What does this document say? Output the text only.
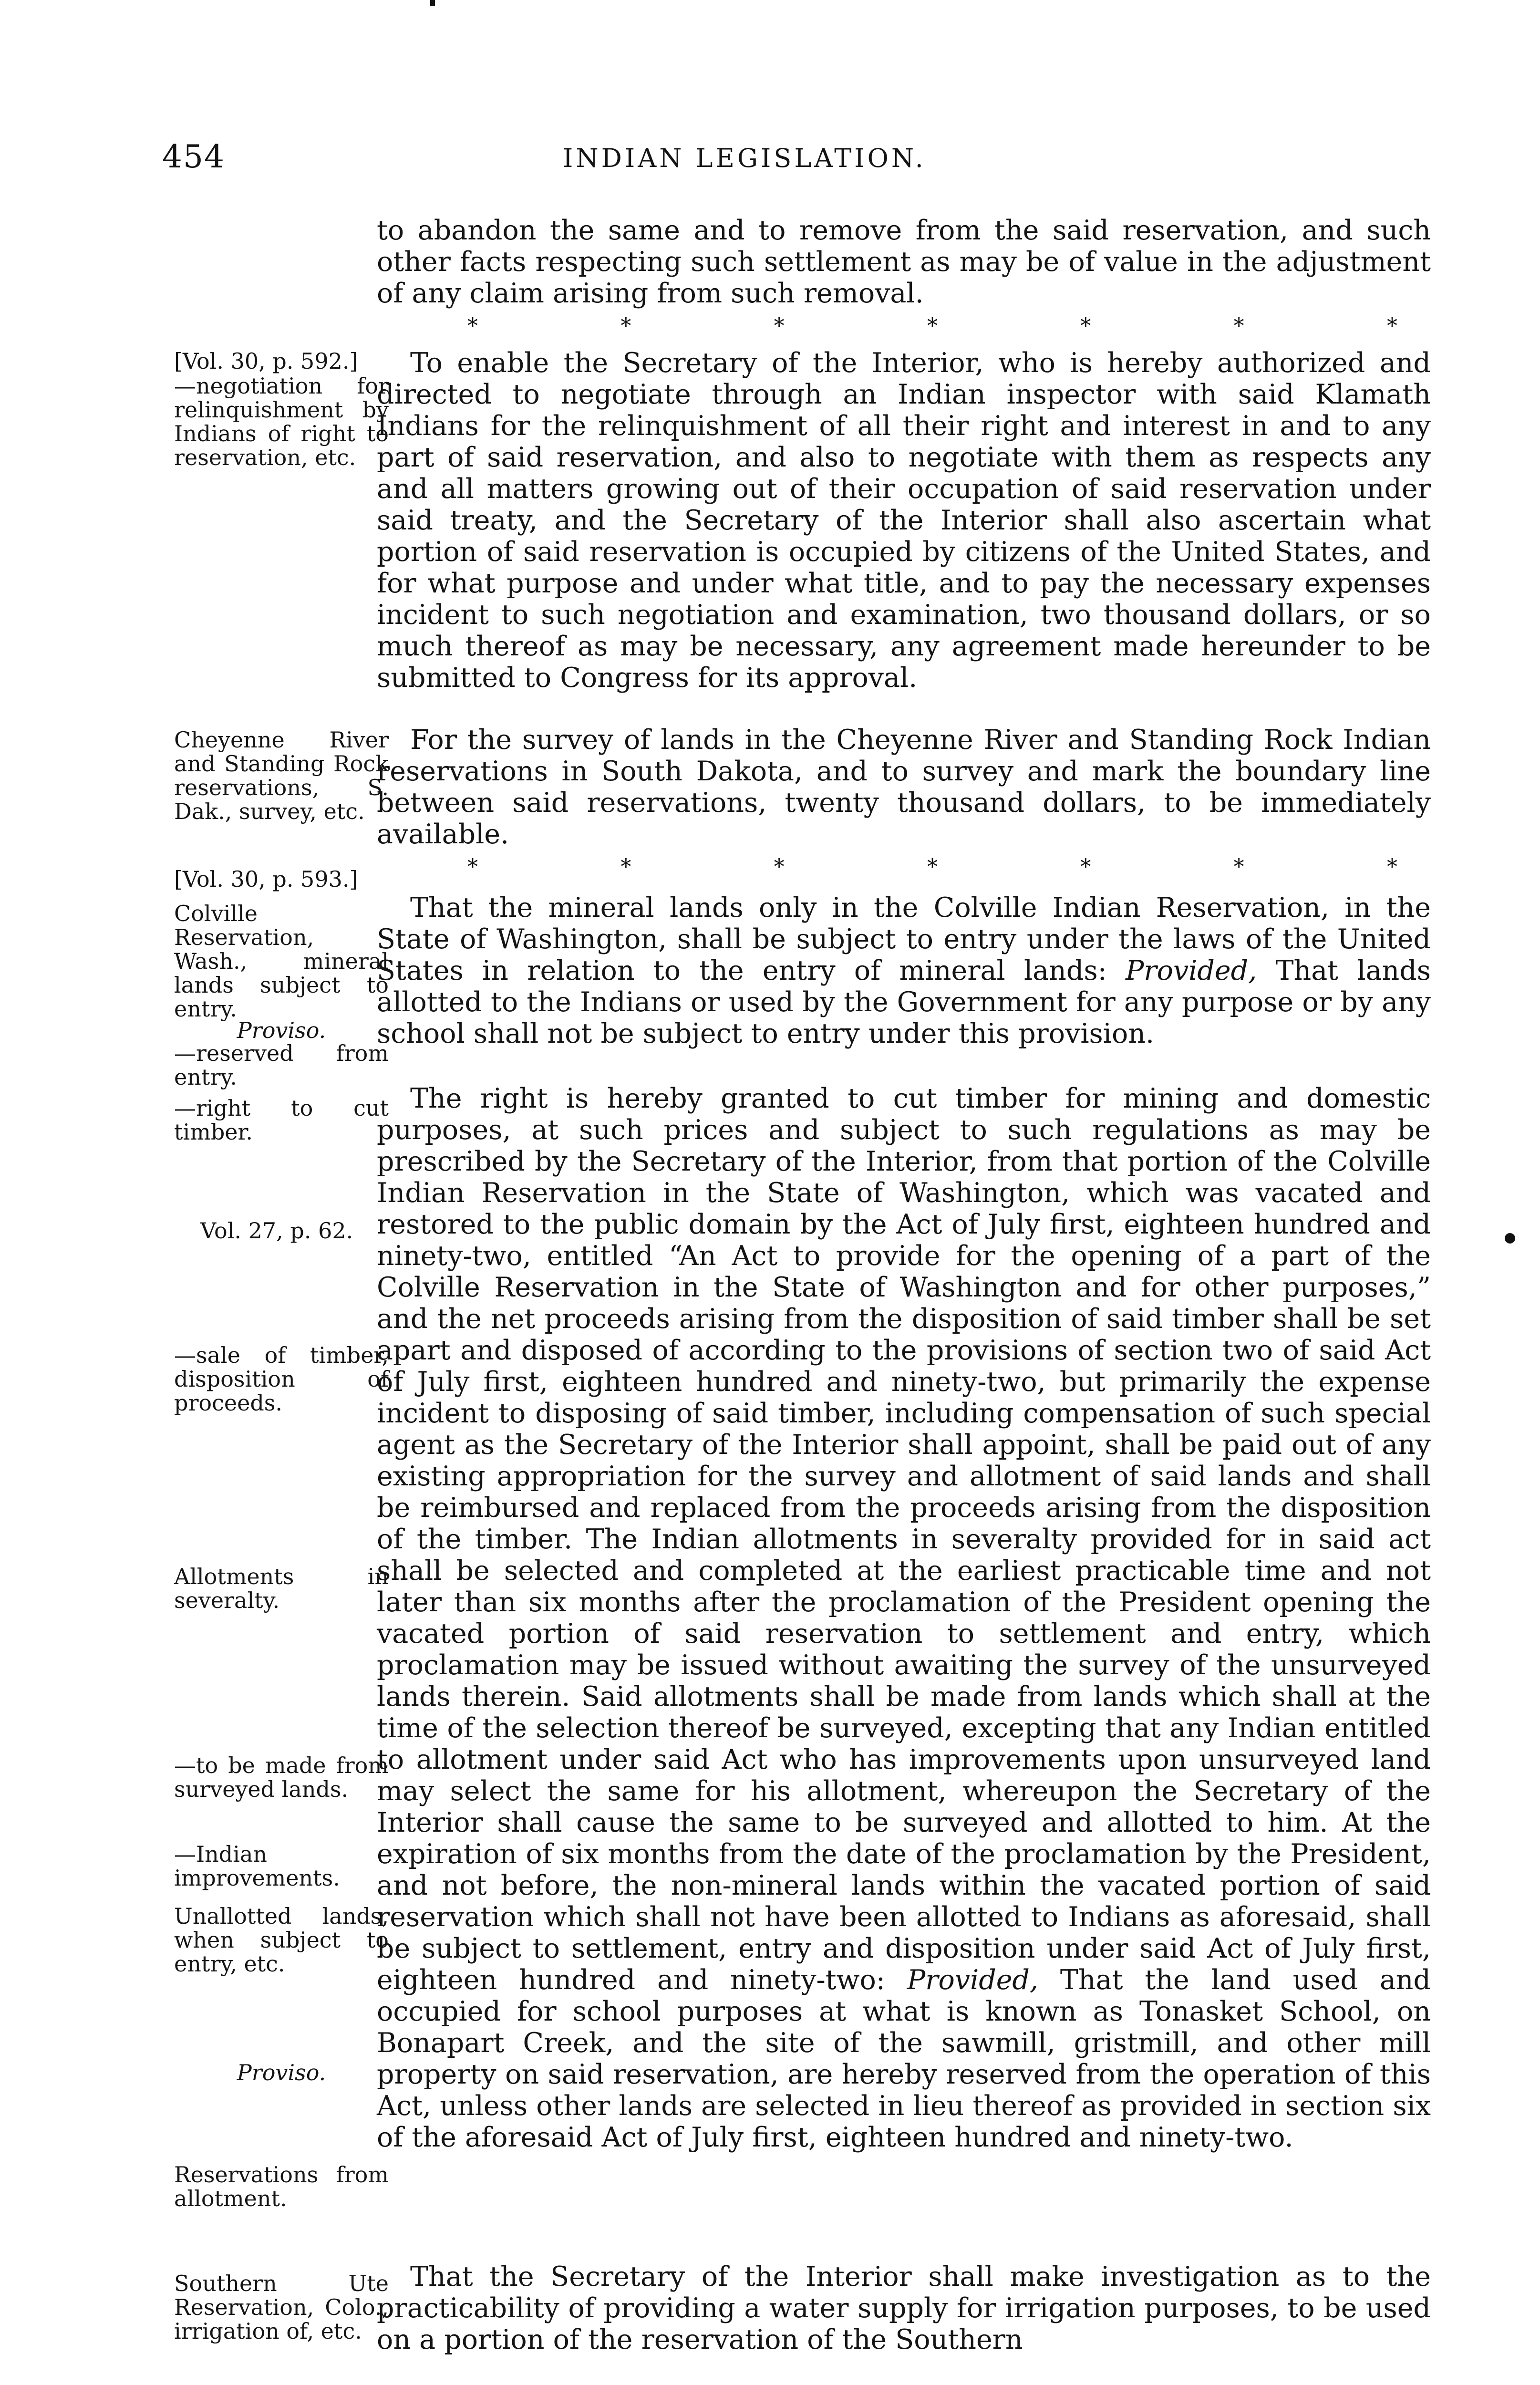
454	INDIAN LEGISLATION.

to abandon the same and to remove from the said reservation, and such other facts respecting such settlement as may be of value in the adjustment of any claim arising from such removal.

*	*	*	*	*	*	*

To enable the Secretary of the Interior, who is hereby authorized and directed to negotiate through an Indian inspector with said Klamath Indians for the relinquishment of all their right and interest in and to any part of said reservation, and also to negotiate with them as respects any and all matters growing out of their occupation of said reservation under said treaty, and the Secretary of the Interior shall also ascertain what portion of said reservation is occupied by citizens of the United States, and for what purpose and under what title, and to pay the necessary expenses incident to such negotiation and examination, two thousand dollars, or so much thereof as may be necessary, any agreement made hereunder to be submitted to Congress for its approval.

For the survey of lands in the Cheyenne River and Standing Rock Indian reservations in South Dakota, and to survey and mark the boundary line between said reservations, twenty thousand dollars, to be immediately available.

*	*	*	*	*	*	*

That the mineral lands only in the Colville Indian Reservation, in the State of Washington, shall be subject to entry under the laws of the United States in relation to the entry of mineral lands: Provided, That lands allotted to the Indians or used by the Government for any purpose or by any school shall not be subject to entry under this provision.

The right is hereby granted to cut timber for mining and domestic purposes, at such prices and subject to such regulations as may be prescribed by the Secretary of the Interior, from that portion of the Colville Indian Reservation in the State of Washington, which was vacated and restored to the public domain by the Act of July first, eighteen hundred and ninety-two, entitled “An Act to provide for the opening of a part of the Colville Reservation in the State of Washington and for other purposes,” and the net proceeds arising from the disposition of said timber shall be set apart and disposed of according to the provisions of section two of said Act of July first, eighteen hundred and ninety-two, but primarily the expense incident to disposing of said timber, including compensation of such special agent as the Secretary of the Interior shall appoint, shall be paid out of any existing appropriation for the survey and allotment of said lands and shall be reimbursed and replaced from the proceeds arising from the disposition of the timber. The Indian allotments in severalty provided for in said act shall be selected and completed at the earliest practicable time and not later than six months after the proclamation of the President opening the vacated portion of said reservation to settlement and entry, which proclamation may be issued without awaiting the survey of the unsurveyed lands therein. Said allotments shall be made from lands which shall at the time of the selection thereof be surveyed, excepting that any Indian entitled to allotment under said Act who has improvements upon unsurveyed land may select the same for his allotment, whereupon the Secretary of the Interior shall cause the same to be surveyed and allotted to him. At the expiration of six months from the date of the proclamation by the President, and not before, the non-mineral lands within the vacated portion of said reservation which shall not have been allotted to Indians as aforesaid, shall be subject to settlement, entry and disposition under said Act of July first, eighteen hundred and ninety-two: Provided, That the land used and occupied for school purposes at what is known as Tonasket School, on Bonapart Creek, and the site of the sawmill, gristmill, and other mill property on said reservation, are hereby reserved from the operation of this Act, unless other lands are selected in lieu thereof as provided in section six of the aforesaid Act of July first, eighteen hundred and ninety-two.

That the Secretary of the Interior shall make investigation as to the practicability of providing a water supply for irrigation purposes, to be used on a portion of the reservation of the Southern

[Vol. 30, p. 592.]
—negotiation for relinquishment by Indians of right to reservation, etc.
Cheyenne River and Standing Rock reservations, S. Dak., survey, etc.
[Vol. 30, p. 593.]
Colville Reservation, Wash., mineral lands subject to entry.
Proviso.
—reserved from entry.
—right to cut timber.
Vol. 27, p. 62.
—sale of timber, disposition of proceeds.
Allotments in severalty.
—to be made from surveyed lands.
—Indian improvements.
Unallotted lands, when subject to entry, etc.
Proviso.
Reservations from allotment.
Southern Ute Reservation, Colo., irrigation of, etc.
